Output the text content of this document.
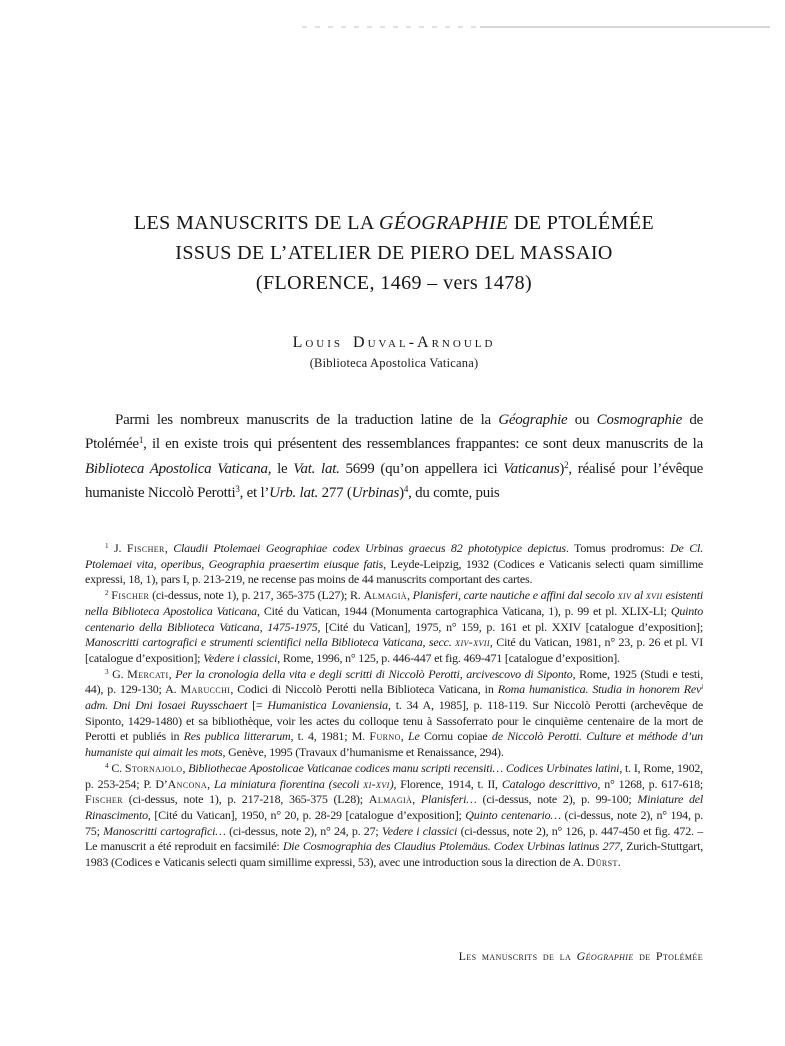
LES MANUSCRITS DE LA GÉOGRAPHIE DE PTOLÉMÉE
ISSUS DE L’ATELIER DE PIERO DEL MASSAIO
(FLORENCE, 1469 – vers 1478)
Louis Duval-Arnould
(Biblioteca Apostolica Vaticana)

Parmi les nombreux manuscrits de la traduction latine de la Géographie ou Cosmographie de Ptolémée$^1$, il en existe trois qui présentent des ressemblances frappantes: ce sont deux manuscrits de la Biblioteca Apostolica Vaticana, le Vat. lat. 5699 (qu’on appellera ici Vaticanus)$^2$, réalisé pour l’évêque humaniste Niccolò Perotti$^3$, et l’Urb. lat. 277 (Urbinas)$^4$, du comte, puis

$^1$ J. Fischer, Claudii Ptolemaei Geographiae codex Urbinas graecus 82 phototypice depictus. Tomus prodromus: De Cl. Ptolemaei vita, operibus, Geographia praesertim eiusque fatis, Leyde-Leipzig, 1932 (Codices e Vaticanis selecti quam simillime expressi, 18, 1), pars I, p. 213-219, ne recense pas moins de 44 manuscrits comportant des cartes.

$^2$ Fischer (ci-dessus, note 1), p. 217, 365-375 (L27); R. Almagià, Planisferi, carte nautiche e affini dal secolo xiv al xvii esistenti nella Biblioteca Apostolica Vaticana, Cité du Vatican, 1944 (Monumenta cartographica Vaticana, 1), p. 99 et pl. XLIX-LI; Quinto centenario della Biblioteca Vaticana, 1475-1975, [Cité du Vatican], 1975, n° 159, p. 161 et pl. XXIV [catalogue d’exposition]; Manoscritti cartografici e strumenti scientifici nella Biblioteca Vaticana, secc. xiv-xvii, Cité du Vatican, 1981, n° 23, p. 26 et pl. VI [catalogue d’exposition]; Vedere i classici, Rome, 1996, n° 125, p. 446-447 et fig. 469-471 [catalogue d’exposition].

$^3$ G. Mercati, Per la cronologia della vita e degli scritti di Niccolò Perotti, arcivescovo di Siponto, Rome, 1925 (Studi e testi, 44), p. 129-130; A. Marucchi, Codici di Niccolò Perotti nella Biblioteca Vaticana, in Roma humanistica. Studia in honorem Rev$^i$ adm. Dni Dni Iosaei Ruysschaert [= Humanistica Lovaniensia, t. 34 A, 1985], p. 118-119. Sur Niccolò Perotti (archevêque de Siponto, 1429-1480) et sa bibliothèque, voir les actes du colloque tenu à Sassoferrato pour le cinquième centenaire de la mort de Perotti et publiés in Res publica litterarum, t. 4, 1981; M. Furno, Le Cornu copiae de Niccolò Perotti. Culture et méthode d’un humaniste qui aimait les mots, Genève, 1995 (Travaux d’humanisme et Renaissance, 294).

$^4$ C. Stornajolo, Bibliothecae Apostolicae Vaticanae codices manu scripti recensiti… Codices Urbinates latini, t. I, Rome, 1902, p. 253-254; P. D’Ancona, La miniatura fiorentina (secoli xi-xvi), Florence, 1914, t. II, Catalogo descrittivo, n° 1268, p. 617-618; Fischer (ci-dessus, note 1), p. 217-218, 365-375 (L28); Almagià, Planisferi… (ci-dessus, note 2), p. 99-100; Miniature del Rinascimento, [Cité du Vatican], 1950, n° 20, p. 28-29 [catalogue d’exposition]; Quinto centenario… (ci-dessus, note 2), n° 194, p. 75; Manoscritti cartografici… (ci-dessus, note 2), n° 24, p. 27; Vedere i classici (ci-dessus, note 2), n° 126, p. 447-450 et fig. 472. – Le manuscrit a été reproduit en facsimilé: Die Cosmographia des Claudius Ptolemäus. Codex Urbinas latinus 277, Zurich-Stuttgart, 1983 (Codices e Vaticanis selecti quam simillime expressi, 53), avec une introduction sous la direction de A. Dürst.

Les manuscrits de la Géographie de Ptolémée
